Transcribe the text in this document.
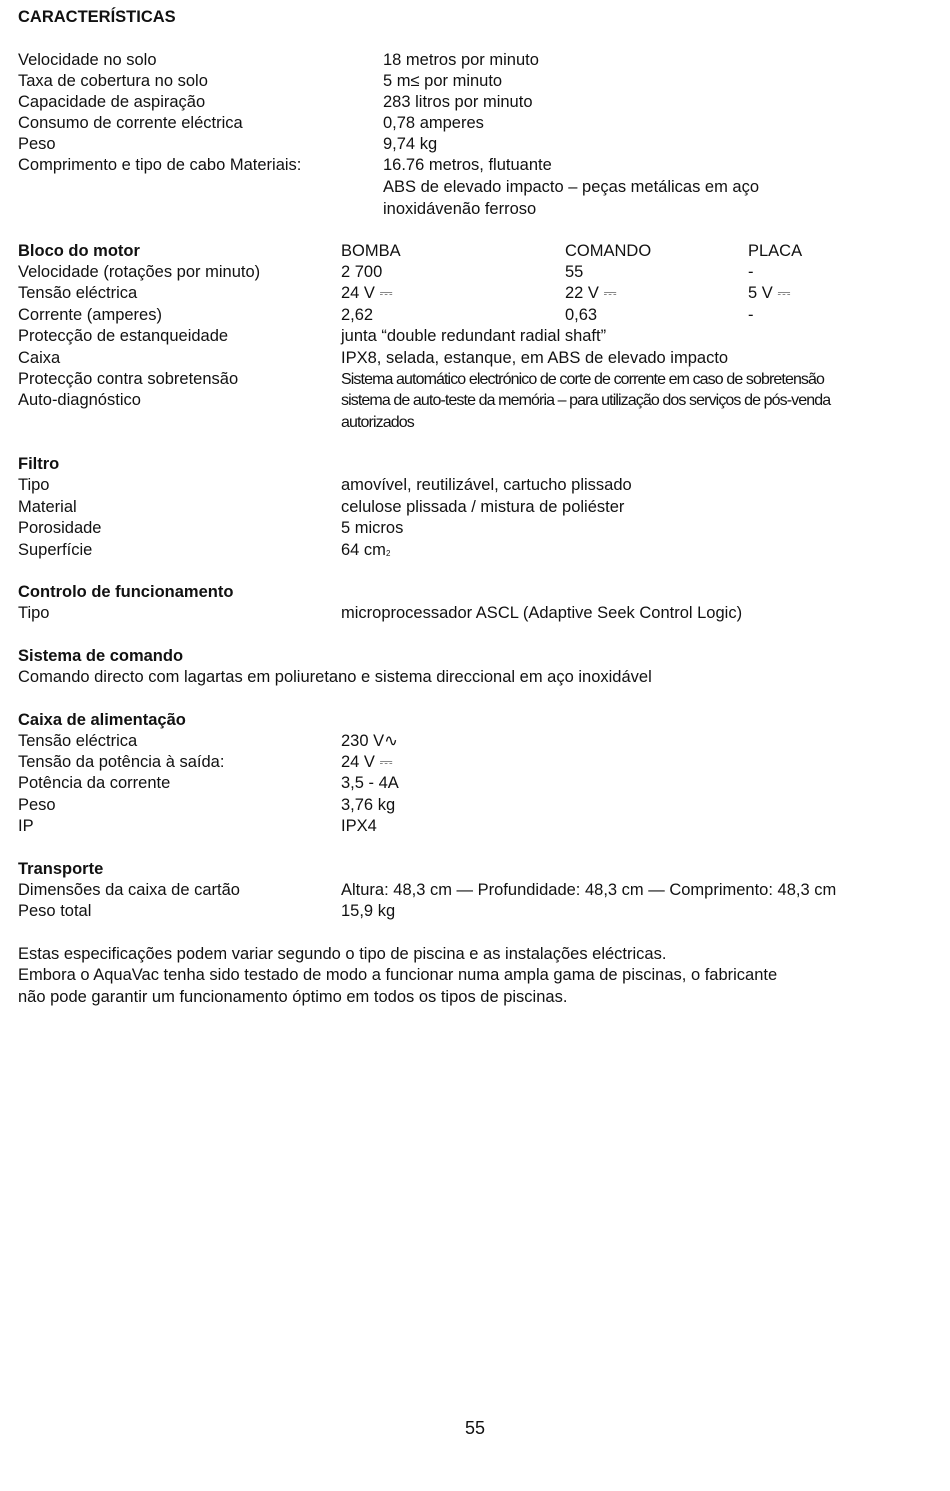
CARACTERÍSTICAS
Velocidade no solo	18 metros por minuto
Taxa de cobertura no solo	5 m≤ por minuto
Capacidade de aspiração	283 litros por minuto
Consumo de corrente eléctrica	0,78 amperes
Peso	9,74 kg
Comprimento e tipo de cabo Materiais:	16.76 metros, flutuante
ABS de elevado impacto – peças metálicas em aço
inoxidávenão ferroso
Bloco do motor	BOMBA	COMANDO	PLACA
Velocidade (rotações por minuto)	2 700	55	-
Tensão eléctrica	24 V ⎓	22 V ⎓	5 V ⎓
Corrente (amperes)	2,62	0,63	-
Protecção de estanqueidade	junta “double redundant radial shaft”
Caixa	IPX8, selada, estanque, em ABS de elevado impacto
Protecção contra sobretensão	Sistema automático electrónico de corte de corrente em caso de sobretensão
Auto-diagnóstico	sistema de auto-teste da memória – para utilização dos serviços de pós-venda
autorizados
Filtro
Tipo	amovível, reutilizável, cartucho plissado
Material	celulose plissada / mistura de poliéster
Porosidade	5 micros
Superfície	64 $cm_2$
Controlo de funcionamento
Tipo	microprocessador ASCL (Adaptive Seek Control Logic)
Sistema de comando
Comando directo com lagartas em poliuretano e sistema direccional em aço inoxidável
Caixa de alimentação
Tensão eléctrica	230 V∿
Tensão da potência à saída:	24 V ⎓
Potência da corrente	3,5 - 4A
Peso	3,76 kg
IP	IPX4
Transporte
Dimensões da caixa de cartão	Altura: 48,3 cm — Profundidade: 48,3 cm — Comprimento: 48,3 cm
Peso total	15,9 kg
Estas especificações podem variar segundo o tipo de piscina e as instalações eléctricas.
Embora o AquaVac tenha sido testado de modo a funcionar numa ampla gama de piscinas, o fabricante
não pode garantir um funcionamento óptimo em todos os tipos de piscinas.
55
